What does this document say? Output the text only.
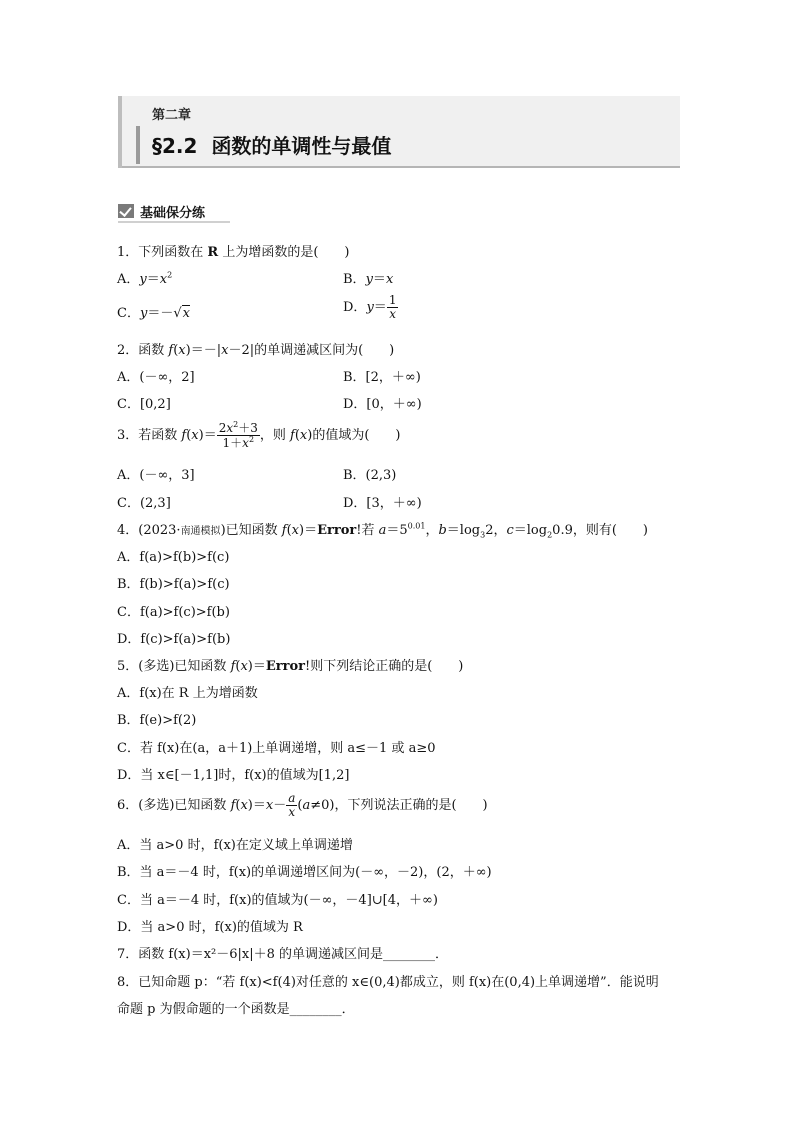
第二章
§2.2 函数的单调性与最值
基础保分练
1．下列函数在 R 上为增函数的是(　　)
A．$y=x^2$	B．y＝x
C．y＝－√x	D．$y= \frac{1}{x}$
2．函数 f(x)＝－|x－2|的单调递减区间为(　　)
A．(－∞，2]	B．[2，＋∞)
C．[0,2]	D．[0，＋∞)
3．若函数 $f(x)= \frac{2x^2+3}{1+x^2}$ ，则 f(x)的值域为(　　)
A．(－∞，3]	B．(2,3)
C．(2,3]	D．[3，＋∞)
4．(2023·南通模拟)已知函数 f(x)＝Error!若 $a=5^{0.01}$，$b=\log_32$，$c=\log_20.9$，则有(　　)
A．f(a)>f(b)>f(c)
B．f(b)>f(a)>f(c)
C．f(a)>f(c)>f(b)
D．f(c)>f(a)>f(b)
5．(多选)已知函数 f(x)＝Error!则下列结论正确的是(　　)
A．f(x)在 R 上为增函数
B．f(e)>f(2)
C．若 f(x)在(a，a＋1)上单调递增，则 a≤－1 或 a≥0
D．当 x∈[－1,1]时，f(x)的值域为[1,2]
6．(多选)已知函数 $f(x)=x- \frac{a}{x} (a\ne 0)$，下列说法正确的是(　　)
A．当 a>0 时，f(x)在定义域上单调递增
B．当 a＝－4 时，f(x)的单调递增区间为(－∞，－2)，(2，＋∞)
C．当 a＝－4 时，f(x)的值域为(－∞，－4]∪[4，＋∞)
D．当 a>0 时，f(x)的值域为 R
7．函数 f(x)＝x²－6|x|＋8 的单调递减区间是________．
8．已知命题 p：“若 f(x)<f(4)对任意的 x∈(0,4)都成立，则 f(x)在(0,4)上单调递增”．能说明
命题 p 为假命题的一个函数是________．
